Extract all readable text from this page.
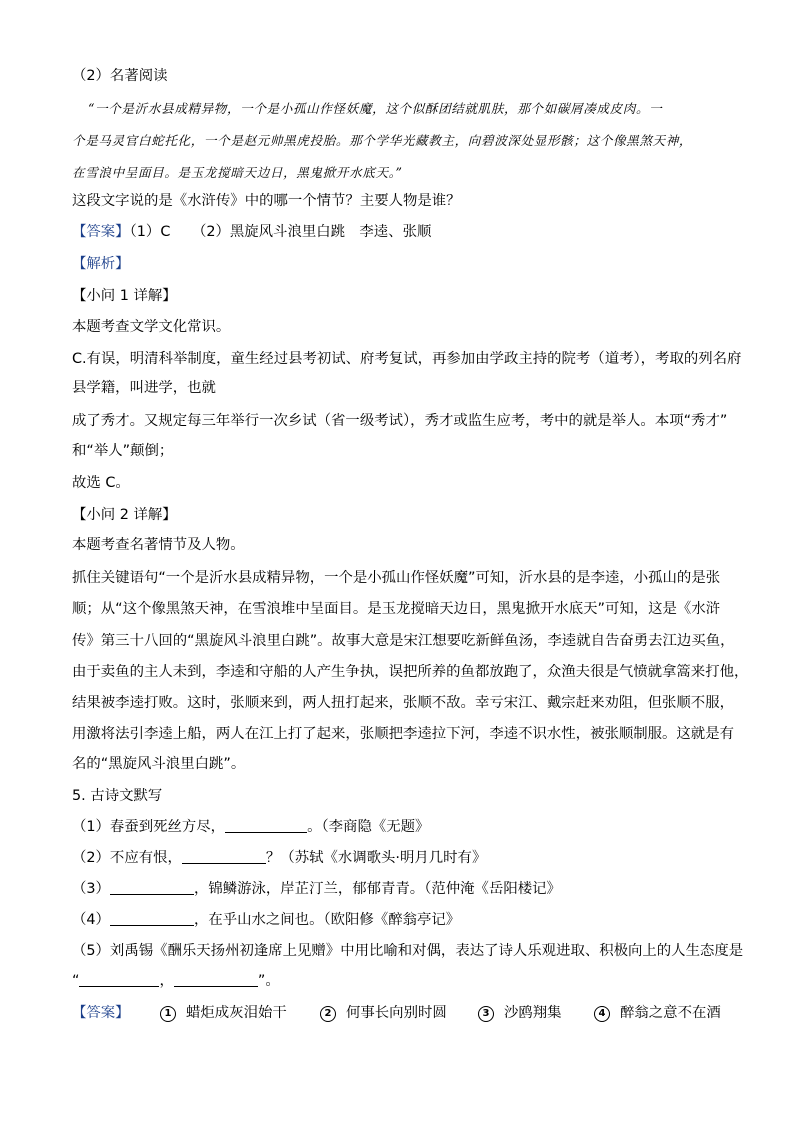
（2）名著阅读
“一个是沂水县成精异物，一个是小孤山作怪妖魔，这个似酥团结就肌肤，那个如碳屑凑成皮肉。一
个是马灵官白蛇托化，一个是赵元帅黑虎投胎。那个学华光藏教主，向碧波深处显形骸；这个像黑煞天神，
在雪浪中呈面目。是玉龙搅暗天边日，黑鬼掀开水底天。”
这段文字说的是《水浒传》中的哪一个情节？主要人物是谁？
【答案】（1）C　　（2）黑旋风斗浪里白跳　李逵、张顺
【解析】
【小问 1 详解】
本题考查文学文化常识。
C.有误，明清科举制度，童生经过县考初试、府考复试，再参加由学政主持的院考（道考），考取的列名府
县学籍，叫进学，也就
成了秀才。又规定每三年举行一次乡试（省一级考试），秀才或监生应考，考中的就是举人。本项“秀才”
和“举人”颠倒；
故选 C。
【小问 2 详解】
本题考查名著情节及人物。
抓住关键语句“一个是沂水县成精异物，一个是小孤山作怪妖魔”可知，沂水县的是李逵，小孤山的是张
顺；从“这个像黑煞天神，在雪浪堆中呈面目。是玉龙搅暗天边日，黑鬼掀开水底天”可知，这是《水浒
传》第三十八回的“黑旋风斗浪里白跳”。故事大意是宋江想要吃新鲜鱼汤，李逵就自告奋勇去江边买鱼，
由于卖鱼的主人未到，李逵和守船的人产生争执，误把所养的鱼都放跑了，众渔夫很是气愤就拿篙来打他，
结果被李逵打败。这时，张顺来到，两人扭打起来，张顺不敌。幸亏宋江、戴宗赶来劝阻，但张顺不服，
用激将法引李逵上船，两人在江上打了起来，张顺把李逵拉下河，李逵不识水性，被张顺制服。这就是有
名的“黑旋风斗浪里白跳”。
5. 古诗文默写
（1）春蚕到死丝方尽，	。（李商隐《无题》
（2）不应有恨，	？（苏轼《水调歌头·明月几时有》
（3）	，锦鳞游泳，岸芷汀兰，郁郁青青。（范仲淹《岳阳楼记》
（4）	，在乎山水之间也。（欧阳修《醉翁亭记》
（5）刘禹锡《酬乐天扬州初逢席上见赠》中用比喻和对偶，表达了诗人乐观进取、积极向上的人生态度是
“	，	”。
【答案】	1 蜡炬成灰泪始干	2 何事长向别时圆	3 沙鸥翔集	4 醉翁之意不在酒
